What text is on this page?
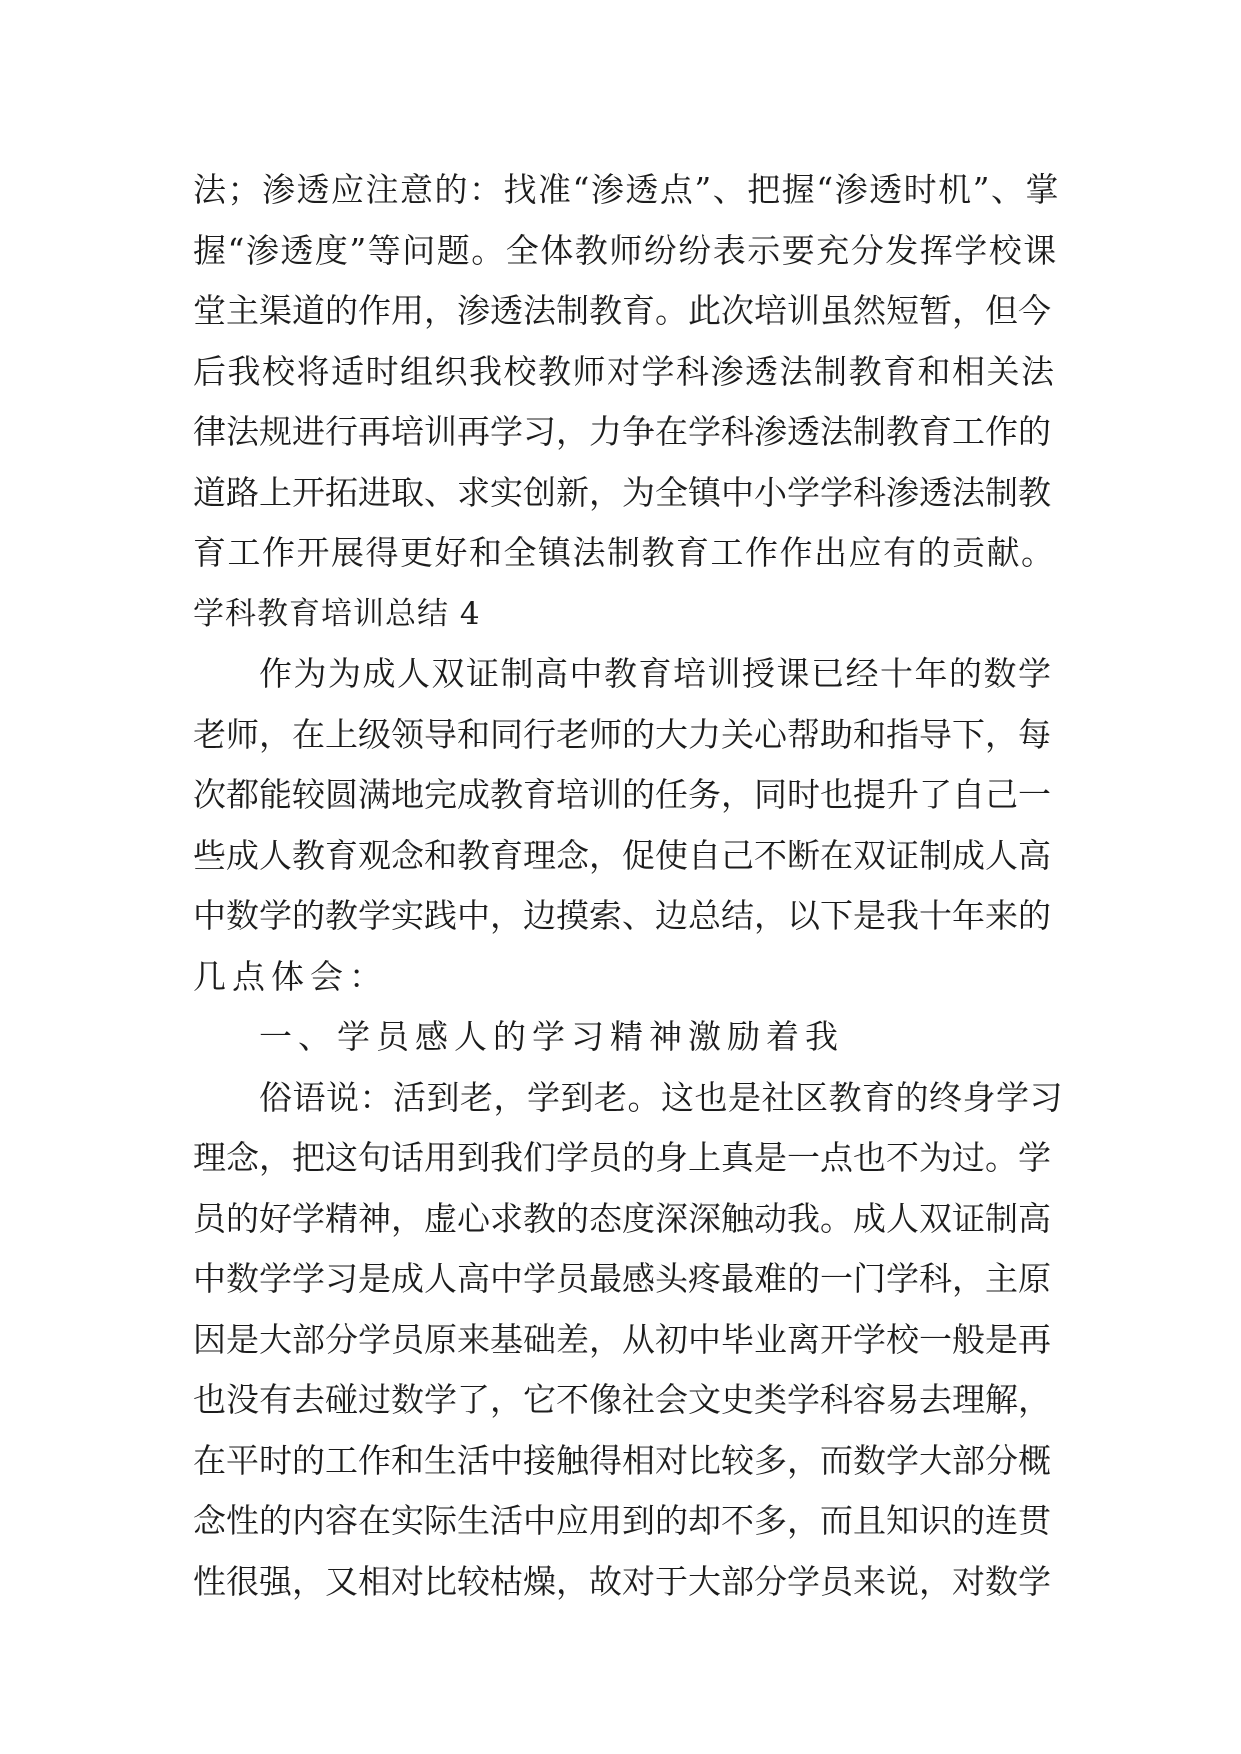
法；渗透应注意的：找准“渗透点”、把握“渗透时机”、掌
握“渗透度”等问题。全体教师纷纷表示要充分发挥学校课
堂主渠道的作用，渗透法制教育。此次培训虽然短暂，但今
后我校将适时组织我校教师对学科渗透法制教育和相关法
律法规进行再培训再学习，力争在学科渗透法制教育工作的
道路上开拓进取、求实创新，为全镇中小学学科渗透法制教
育工作开展得更好和全镇法制教育工作作出应有的贡献。
学科教育培训总结 4
作为为成人双证制高中教育培训授课已经十年的数学
老师，在上级领导和同行老师的大力关心帮助和指导下，每
次都能较圆满地完成教育培训的任务，同时也提升了自己一
些成人教育观念和教育理念，促使自己不断在双证制成人高
中数学的教学实践中，边摸索、边总结，以下是我十年来的
几点体会：
一、学员感人的学习精神激励着我
俗语说：活到老，学到老。这也是社区教育的终身学习
理念，把这句话用到我们学员的身上真是一点也不为过。学
员的好学精神，虚心求教的态度深深触动我。成人双证制高
中数学学习是成人高中学员最感头疼最难的一门学科，主原
因是大部分学员原来基础差，从初中毕业离开学校一般是再
也没有去碰过数学了，它不像社会文史类学科容易去理解，
在平时的工作和生活中接触得相对比较多，而数学大部分概
念性的内容在实际生活中应用到的却不多，而且知识的连贯
性很强，又相对比较枯燥，故对于大部分学员来说，对数学
